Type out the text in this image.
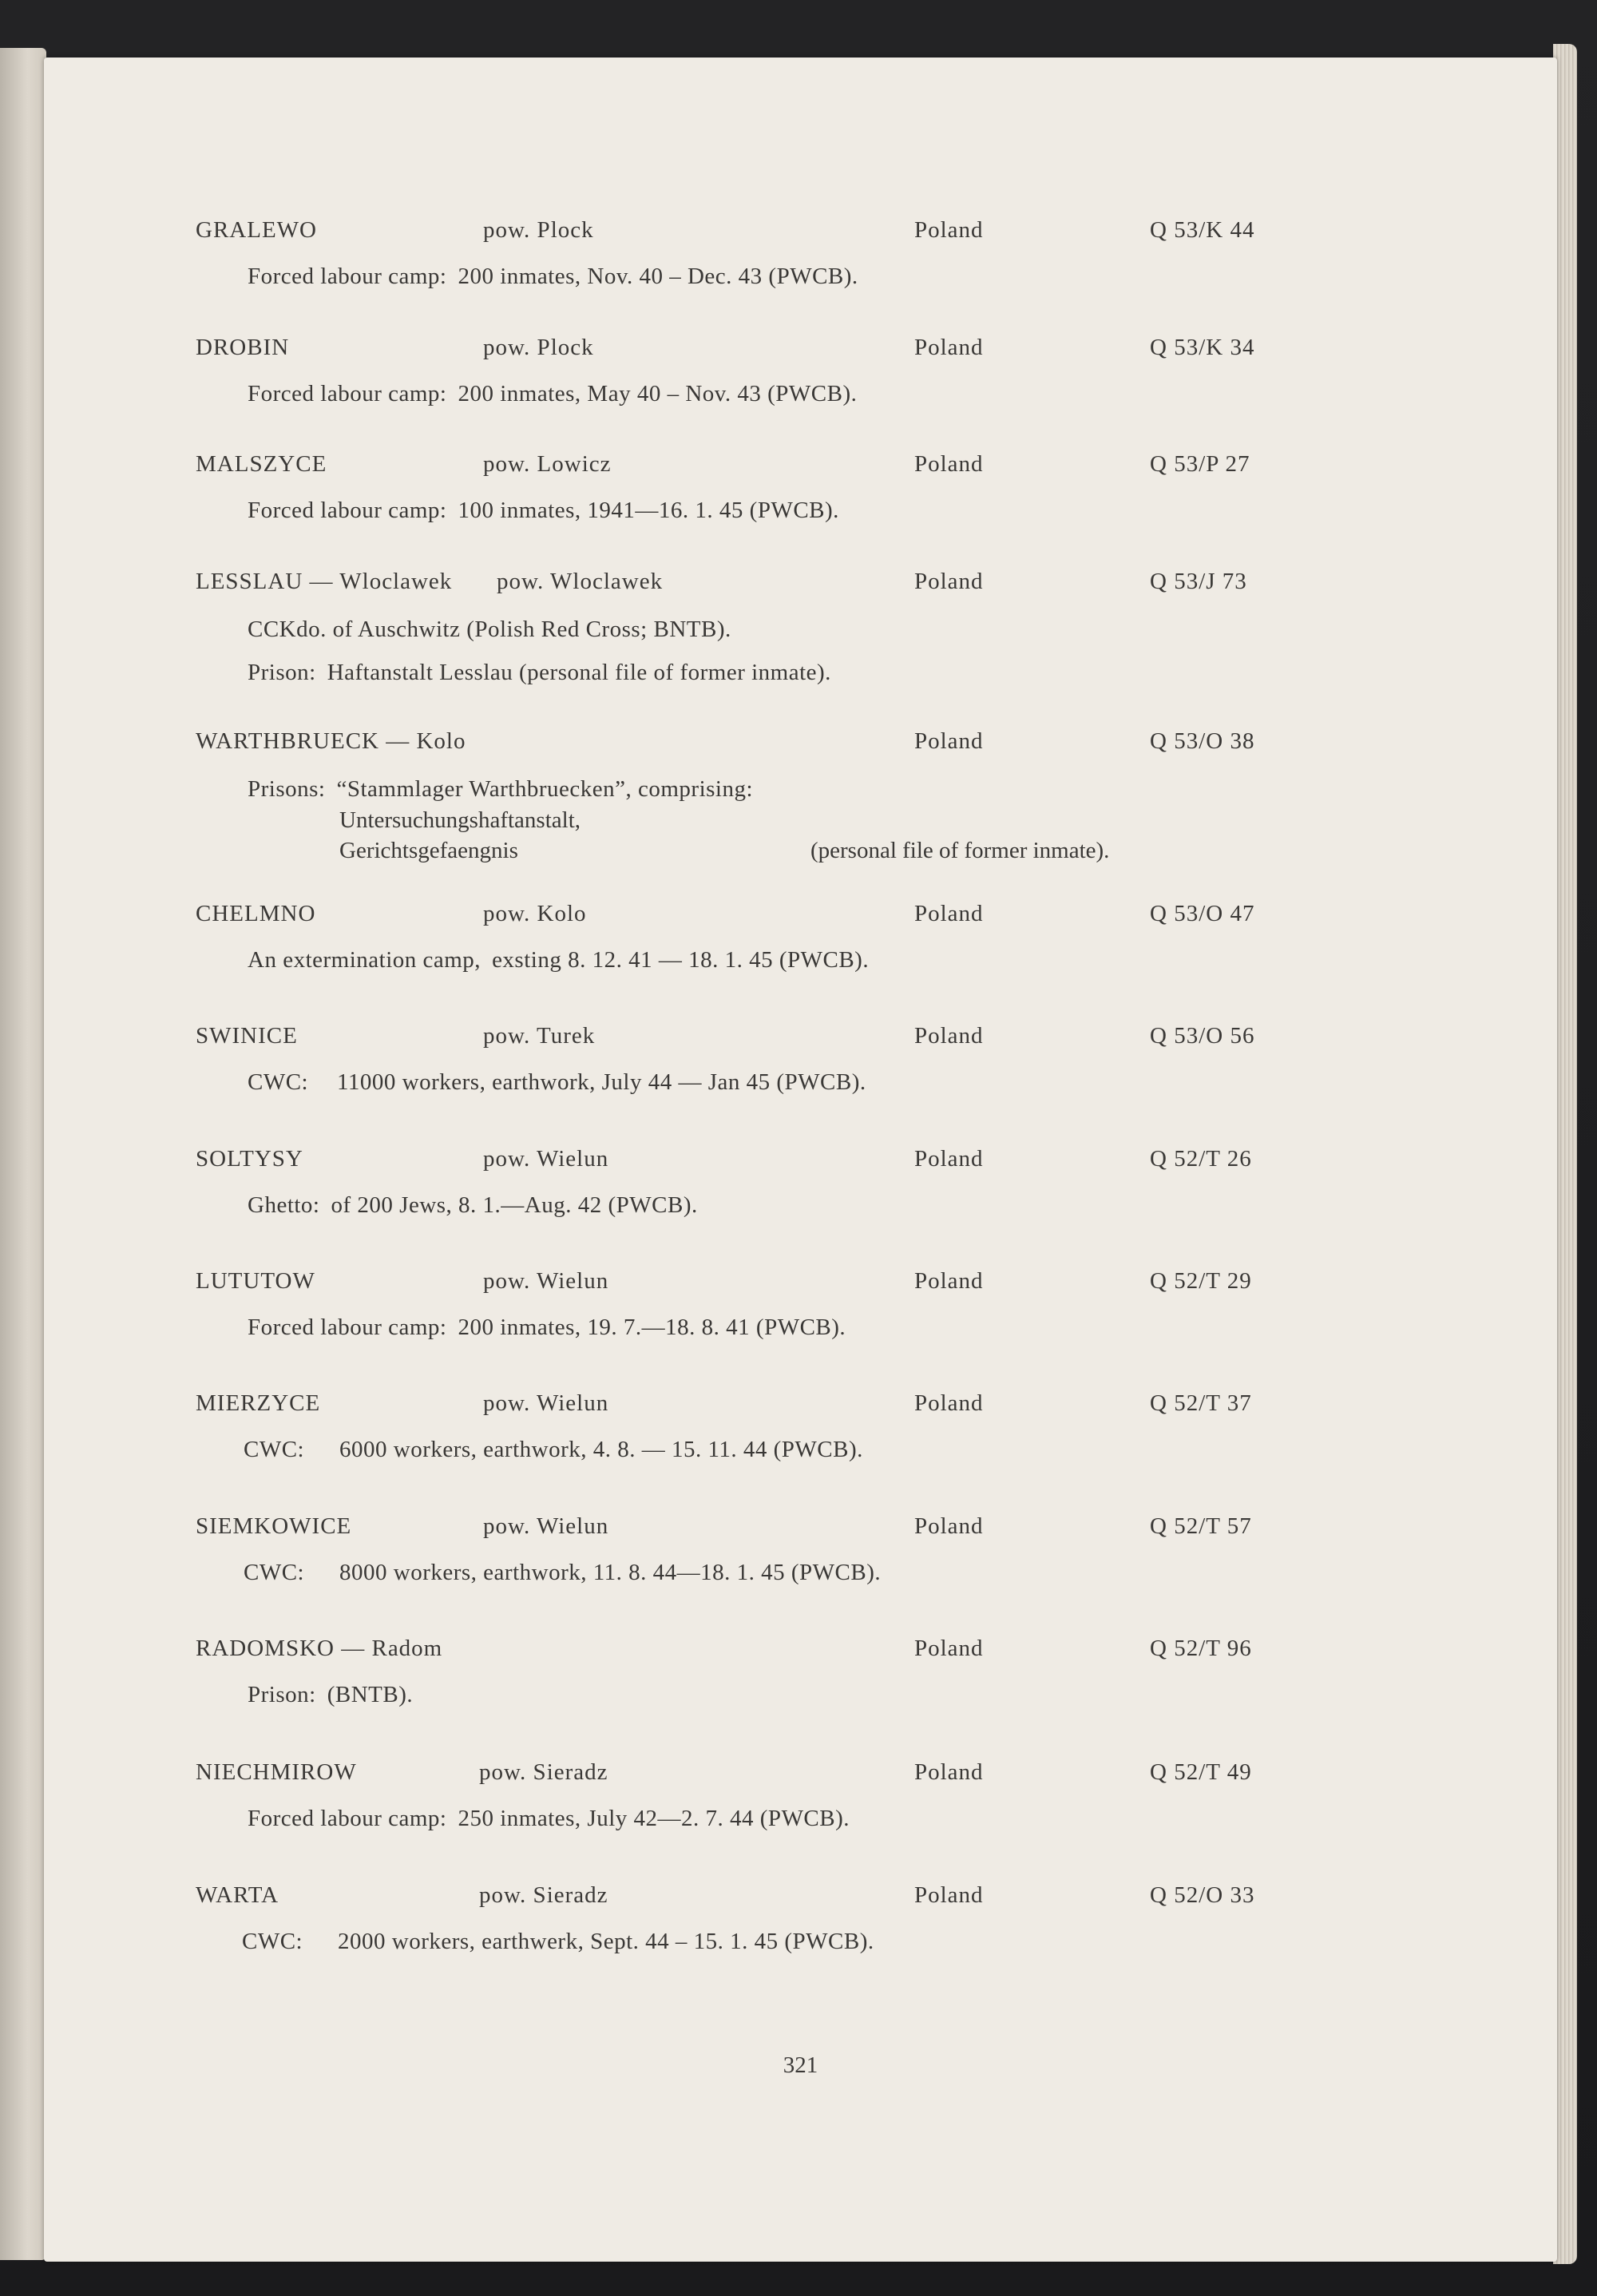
GRALEWO	pow. Plock	Poland	Q 53/K 44
Forced labour camp: 200 inmates, Nov. 40 – Dec. 43 (PWCB).
DROBIN	pow. Plock	Poland	Q 53/K 34
Forced labour camp: 200 inmates, May 40 – Nov. 43 (PWCB).
MALSZYCE	pow. Lowicz	Poland	Q 53/P 27
Forced labour camp: 100 inmates, 1941—16. 1. 45 (PWCB).
LESSLAU — Wloclawek pow. Wloclawek	Poland	Q 53/J 73
CCKdo. of Auschwitz (Polish Red Cross; BNTB).
Prison: Haftanstalt Lesslau (personal file of former inmate).
WARTHBRUECK — Kolo	Poland	Q 53/O 38
Prisons: “Stammlager Warthbruecken”, comprising:
Untersuchungshaftanstalt,
Gerichtsgefaengnis	(personal file of former inmate).
CHELMNO	pow. Kolo	Poland	Q 53/O 47
An extermination camp, exsting 8. 12. 41 — 18. 1. 45 (PWCB).
SWINICE	pow. Turek	Poland	Q 53/O 56
CWC: 11000 workers, earthwork, July 44 — Jan 45 (PWCB).
SOLTYSY	pow. Wielun	Poland	Q 52/T 26
Ghetto: of 200 Jews, 8. 1.—Aug. 42 (PWCB).
LUTUTOW	pow. Wielun	Poland	Q 52/T 29
Forced labour camp: 200 inmates, 19. 7.—18. 8. 41 (PWCB).
MIERZYCE	pow. Wielun	Poland	Q 52/T 37
CWC: 6000 workers, earthwork, 4. 8. — 15. 11. 44 (PWCB).
SIEMKOWICE	pow. Wielun	Poland	Q 52/T 57
CWC: 8000 workers, earthwork, 11. 8. 44—18. 1. 45 (PWCB).
RADOMSKO — Radom	Poland	Q 52/T 96
Prison: (BNTB).
NIECHMIROW	pow. Sieradz	Poland	Q 52/T 49
Forced labour camp: 250 inmates, July 42—2. 7. 44 (PWCB).
WARTA	pow. Sieradz	Poland	Q 52/O 33
CWC: 2000 workers, earthwerk, Sept. 44 – 15. 1. 45 (PWCB).
321
